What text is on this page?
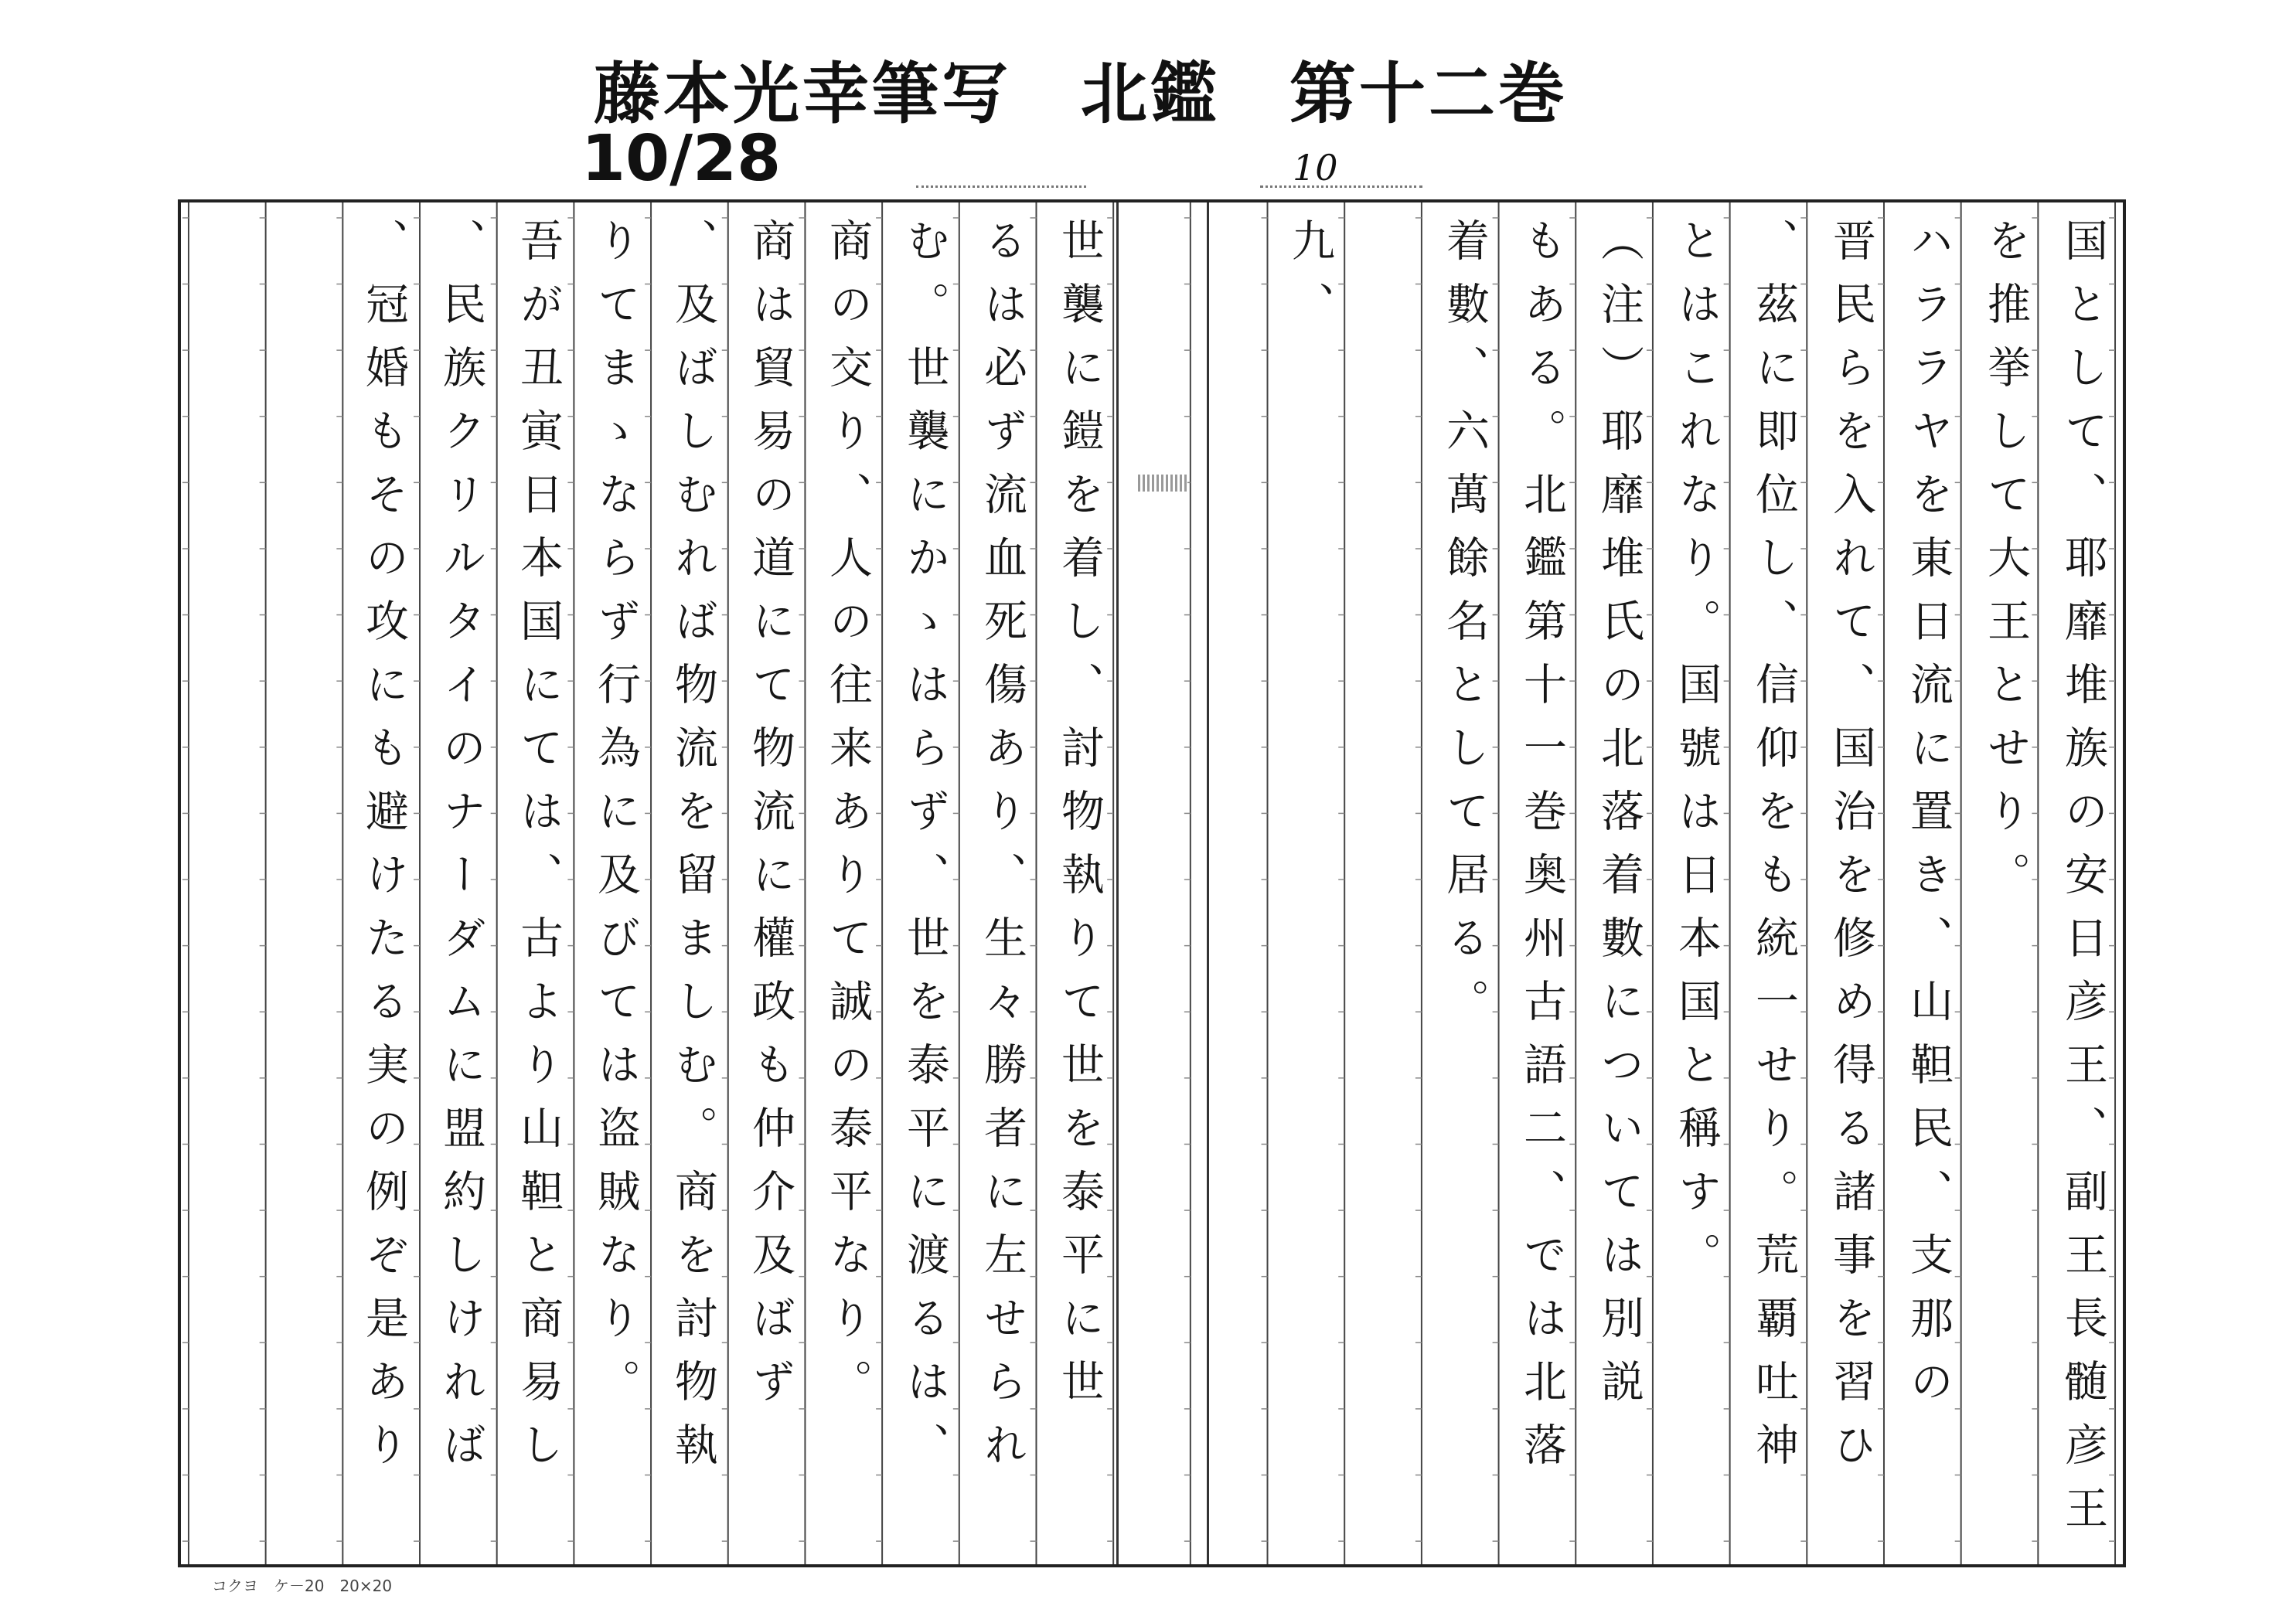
藤本光幸筆写　北鑑　第十二巻
10/28	10
国として、耶靡堆族の安日彦王、副王長髄彦王
を推挙して大王とせり。
ハララヤを東日流に置き、山靼民、支那の
晋民らを入れて、国治を修め得る諸事を習ひ
、茲に即位し、信仰をも統一せり。荒覇吐神
とはこれなり。国號は日本国と稱す。
（注）耶靡堆氏の北落着數については別説
もある。北鑑第十一巻奥州古語二、では北落
着數、六萬餘名として居る。
九、
世襲に鎧を着し、討物執りて世を泰平に世
るは必ず流血死傷あり、生々勝者に左せられ
む。世襲にかゝはらず、世を泰平に渡るは、
商の交り、人の往来ありて誠の泰平なり。
商は貿易の道にて物流に權政も仲介及ばず
、及ばしむれば物流を留ましむ。商を討物執
りてまゝならず行為に及びては盗賊なり。
吾が丑寅日本国にては、古より山靼と商易し
、民族クリルタイのナーダムに盟約しければ
、冠婚もその攻にも避けたる実の例ぞ是あり
コクヨ　ケ－20　20×20
